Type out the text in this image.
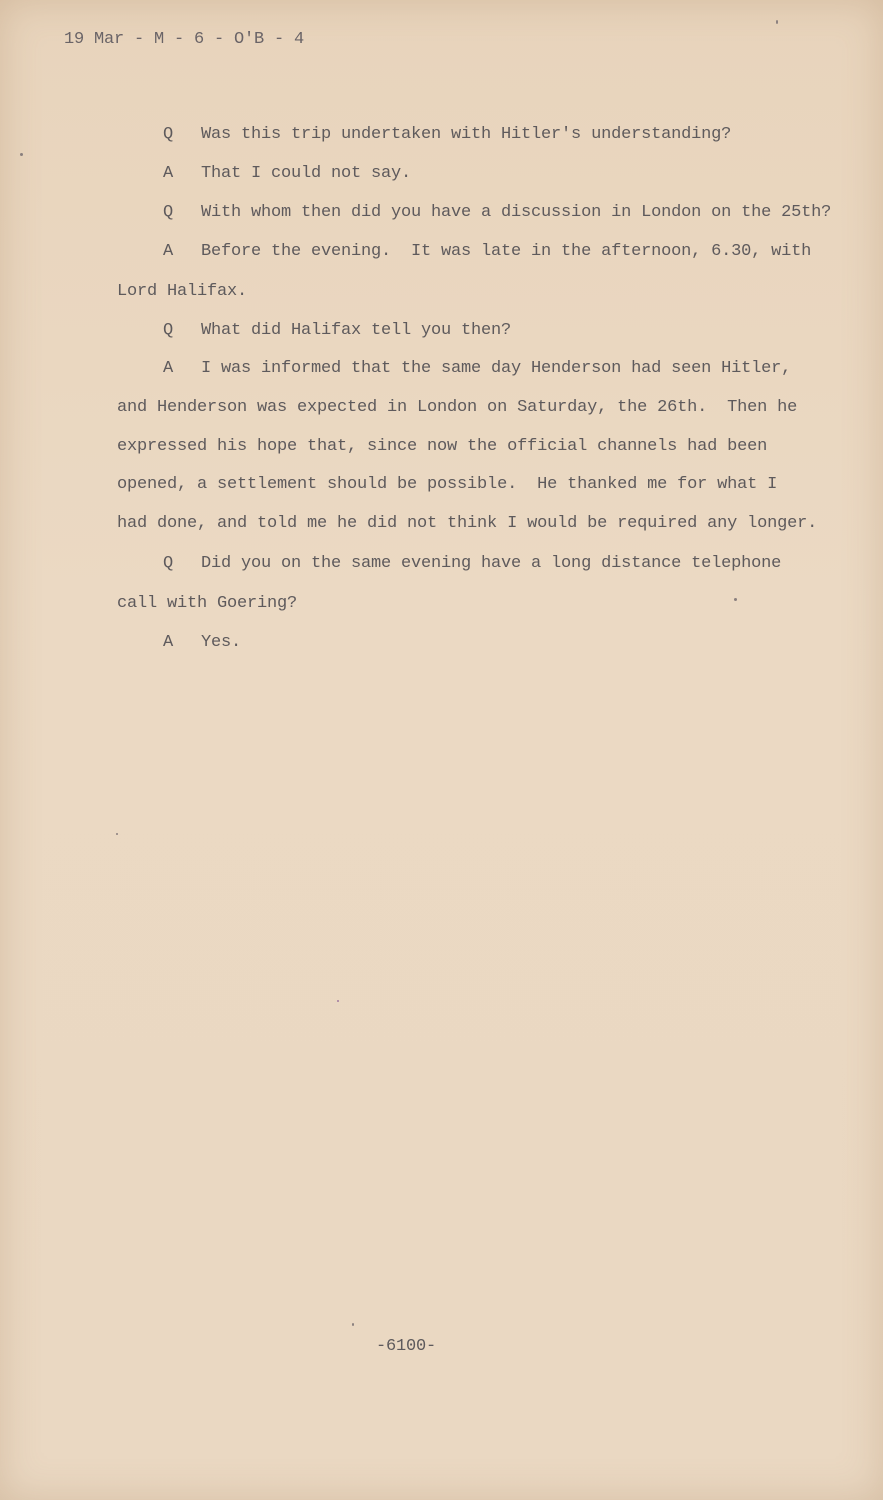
19 Mar - M - 6 - O'B - 4
Q Was this trip undertaken with Hitler's understanding?
A That I could not say.
Q With whom then did you have a discussion in London on the 25th?
A Before the evening.  It was late in the afternoon, 6.30, with
Lord Halifax.
Q What did Halifax tell you then?
A I was informed that the same day Henderson had seen Hitler,
and Henderson was expected in London on Saturday, the 26th.  Then he
expressed his hope that, since now the official channels had been
opened, a settlement should be possible.  He thanked me for what I
had done, and told me he did not think I would be required any longer.
Q Did you on the same evening have a long distance telephone
call with Goering?
A Yes.
-6100-
